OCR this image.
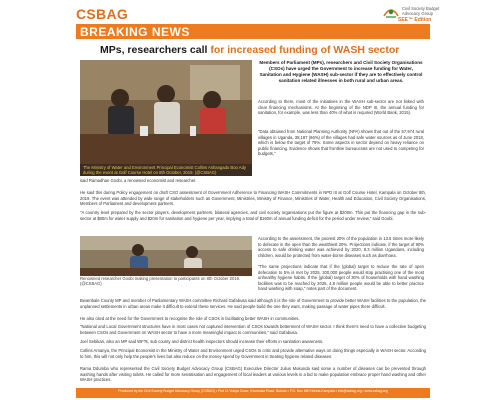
CSBAG	Civil Society Budget Advocacy Group
SEE™ Edition
BREAKING NEWS
MPs, researchers call for increased funding of WASH sector
The Ministry of Water and Environment Principal Economist Collins Ashangado Boo Ady during the event at Golf Course Hotel on 8th October, 2019. (@CSBAG)
Members of Parliament (MPs), researchers and Civil Society Organisations (CSOs) have urged the Government to increase funding for Water, Sanitation and Hygiene (WASH) sub-sector if they are to effectively control sanitation related illnesses in both rural and urban areas.
According to them, most of the initiatives in the WASH sub-sector are not linked with clear financing mechanisms. At the beginning of the NDP III, the annual funding for sanitation, for example, was less than 40% of what is required (World Bank, 2015).
"Data obtained from National Planning Authority (NPA) shows that out of the 57,974 rural villages in Uganda, 38,187 (66%) of the villages had safe water sources as of June 2018, which is below the target of 79%. Some aspects in sector depend on heavy reliance on public financing. Evidence shows that frontline bureaucrats are not used to competing for budgets,"
said Ramadhan Goobi, a renowned economist and researcher.
He said this during Policy engagement on draft CSO assessment of Government Adherence to Financing WASH Commitments in NPD III at Golf Course Hotel, Kampala on October 8th, 2019. The event was attended by wide range of stakeholders such as Government, Ministries, Ministry of Finance, Ministries of Water, Health and Education, Civil Society Organisations, Members of Parliament and development partners.
"A country level prepared by the sector players, development partners, bilateral agencies, and civil society organisations put the figure at $200m. This put the financing gap in the sub-sector at $80m for water supply and $20m for sanitation and hygiene per year, implying a total of $160m of annual funding deficit for the period under review," said Goobi.
Renowned researcher Goobi making presentation to participants on 8th October 2019. (@CSBAG)
According to the assessment, the poorest 20% of the population in 13.5 times more likely to defecate in the open than the wealthiest 20%. Projections indicate, if the target of 90% access to safe drinking water was achieved by 2020, 8.3 million Ugandans, including children, would be protected from water-borne diseases such as diarrhoea.
"The same projections indicate that if the (global) target to reduce the rate of open defecation to 5% is met by 2025, 200,000 people would stop practising one of the most unhealthy hygiene habits. If the (global) target of 30% of households with hand washing facilities was to be reached by 2025, 4.8 million people would be able to better practice hand washing with soap," notes part of the document.
Bwambale County MP and member of Parliamentary WASH committee Richard Gafabusa said although it is the role of Government to provide better WASH facilities to the population, the unplanned settlements in urban areas make it difficult to extend these services. He said people build the one they want, making passage of water pipes there difficult.
He also cited at the need for the Government to recognise the role of CSOs in facilitating better WASH in communities.
"National and Local Government structures have in most cases not captured intervention of CSOs towards betterment of WASH sector. I think there's need to have a collective budgeting between CSOs and Government on WASH sector to have a more meaningful impact to communities," said Gafabusa.
Joel Sebikari, also an MP said WFTs, sub county and district health inspectors should increase their efforts in sanitation awareness.
Collins Amanya, the Principal Economist in the Ministry of Water and Environment urged CSOs to critic and provide alternative ways on doing things especially in WASH sector. According to him, this will not only help the people's lives but also reduce on the money spend by Government in treating hygiene related diseases.
Rama Ddumba who represented the Civil Society Budget Advocacy Group (CSBAG) Executive Director Julius Mukunda said some a number of diseases can be prevented through washing hands after visiting toilets. He called for more sensitisation and engagement of local leaders at various levels in a bid to make population embrace proper hand washing and other WASH practices.
Produced by the Civil Society Budget Advocacy Group (CSBAG) • Plot 11 Vubya Close, Kisumuka Road, Bukoto • P.O. Box 660 Ntinda-Kampala • info@csbag.org • www.csbag.org
